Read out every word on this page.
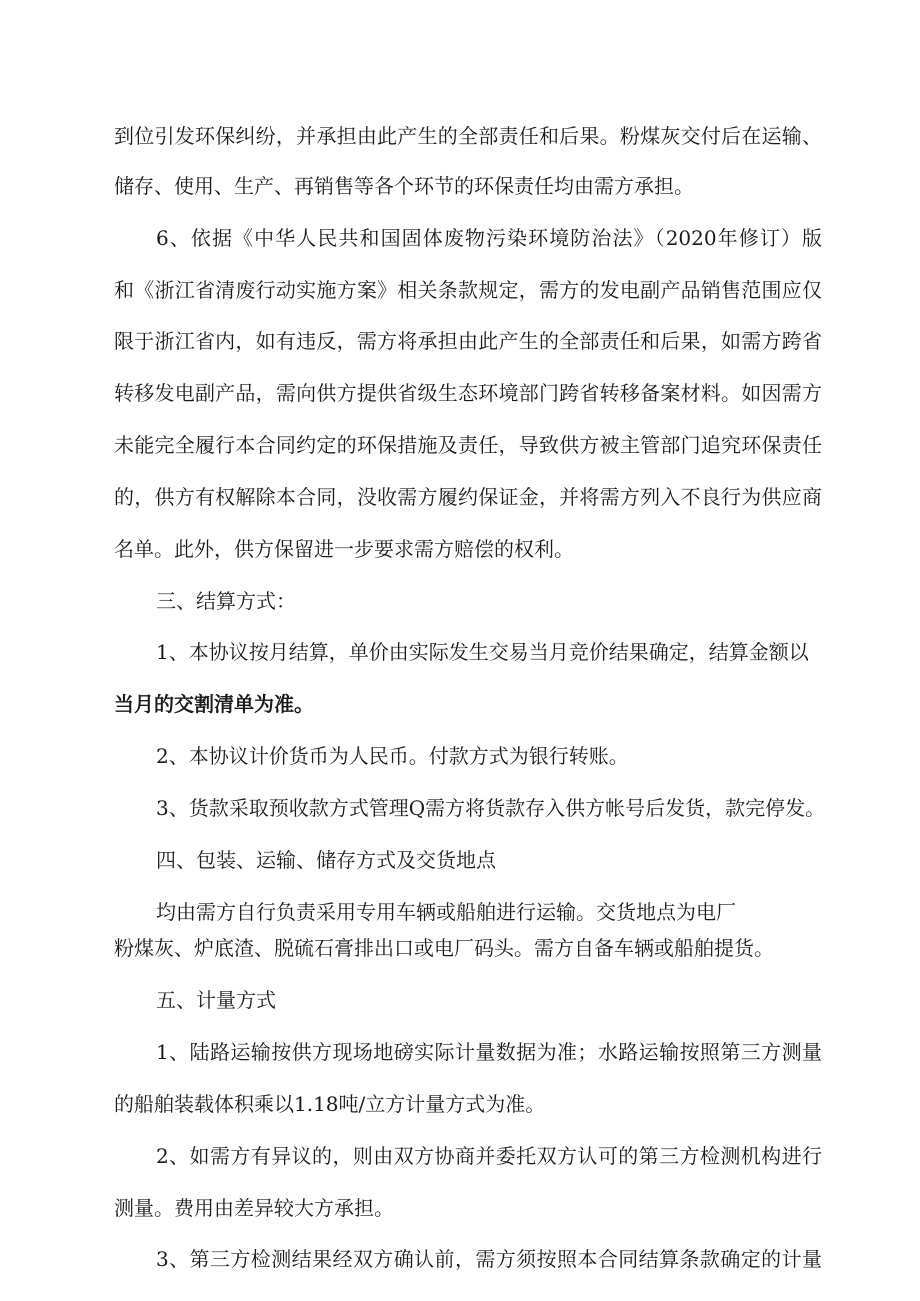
到位引发环保纠纷，并承担由此产生的全部责任和后果。粉煤灰交付后在运输、
储存、使用、生产、再销售等各个环节的环保责任均由需方承担。
6、依据《中华人民共和国固体废物污染环境防治法》（2020年修订）版
和《浙江省清废行动实施方案》相关条款规定，需方的发电副产品销售范围应仅
限于浙江省内，如有违反，需方将承担由此产生的全部责任和后果，如需方跨省
转移发电副产品，需向供方提供省级生态环境部门跨省转移备案材料。如因需方
未能完全履行本合同约定的环保措施及责任，导致供方被主管部门追究环保责任
的，供方有权解除本合同，没收需方履约保证金，并将需方列入不良行为供应商
名单。此外，供方保留进一步要求需方赔偿的权利。
三、结算方式：
1、本协议按月结算，单价由实际发生交易当月竞价结果确定，结算金额以
当月的交割清单为准。
2、本协议计价货币为人民币。付款方式为银行转账。
3、货款采取预收款方式管理Q需方将货款存入供方帐号后发货，款完停发。
四、包装、运输、储存方式及交货地点
均由需方自行负责采用专用车辆或船舶进行运输。交货地点为电厂
粉煤灰、炉底渣、脱硫石膏排出口或电厂码头。需方自备车辆或船舶提货。
五、计量方式
1、陆路运输按供方现场地磅实际计量数据为准；水路运输按照第三方测量
的船舶装载体积乘以1.18吨/立方计量方式为准。
2、如需方有异议的，则由双方协商并委托双方认可的第三方检测机构进行
测量。费用由差异较大方承担。
3、第三方检测结果经双方确认前，需方须按照本合同结算条款确定的计量
